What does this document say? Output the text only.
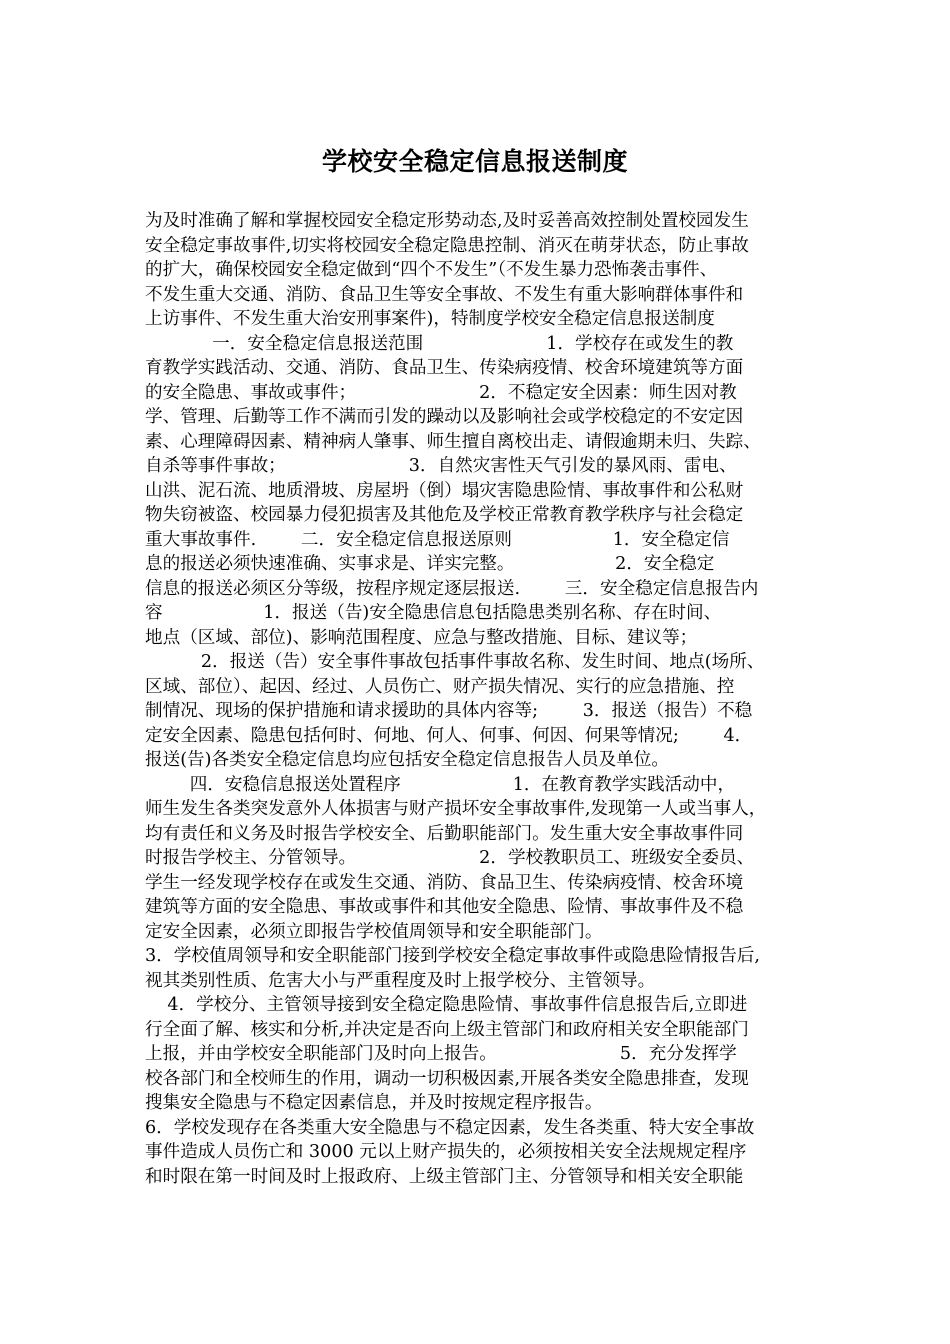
学校安全稳定信息报送制度
为及时准确了解和掌握校园安全稳定形势动态,及时妥善高效控制处置校园发生
安全稳定事故事件,切实将校园安全稳定隐患控制、消灭在萌芽状态，防止事故
的扩大，确保校园安全稳定做到“四个不发生”（不发生暴力恐怖袭击事件、
不发生重大交通、消防、食品卫生等安全事故、不发生有重大影响群体事件和
上访事件、不发生重大治安刑事案件)，特制度学校安全稳定信息报送制度
一．安全稳定信息报送范围                      1．学校存在或发生的教
育教学实践活动、交通、消防、食品卫生、传染病疫情、校舍环境建筑等方面
的安全隐患、事故或事件；                      2．不稳定安全因素：师生因对教
学、管理、后勤等工作不满而引发的躁动以及影响社会或学校稳定的不安定因
素、心理障碍因素、精神病人肇事、师生擅自离校出走、请假逾期未归、失踪、
自杀等事件事故；                      3．自然灾害性天气引发的暴风雨、雷电、
山洪、泥石流、地质滑坡、房屋坍（倒）塌灾害隐患险情、事故事件和公私财
物失窃被盗、校园暴力侵犯损害及其他危及学校正常教育教学秩序与社会稳定
重大事故事件.        二．安全稳定信息报送原则                  1．安全稳定信
息的报送必须快速准确、实事求是、详实完整。                  2．安全稳定
信息的报送必须区分等级，按程序规定逐层报送.        三．安全稳定信息报告内
容                  1．报送（告)安全隐患信息包括隐患类别名称、存在时间、
地点（区域、部位)、影响范围程度、应急与整改措施、目标、建议等；
2．报送（告）安全事件事故包括事件事故名称、发生时间、地点(场所、
区域、部位）、起因、经过、人员伤亡、财产损失情况、实行的应急措施、控
制情况、现场的保护措施和请求援助的具体内容等;        3．报送（报告）不稳
定安全因素、隐患包括何时、何地、何人、何事、何因、何果等情况;        4．
报送(告)各类安全稳定信息均应包括安全稳定信息报告人员及单位。
四．安稳信息报送处置程序                    1．在教育教学实践活动中，
师生发生各类突发意外人体损害与财产损坏安全事故事件,发现第一人或当事人，
均有责任和义务及时报告学校安全、后勤职能部门。发生重大安全事故事件同
时报告学校主、分管领导。                      2．学校教职员工、班级安全委员、
学生一经发现学校存在或发生交通、消防、食品卫生、传染病疫情、校舍环境
建筑等方面的安全隐患、事故或事件和其他安全隐患、险情、事故事件及不稳
定安全因素，必须立即报告学校值周领导和安全职能部门。
3．学校值周领导和安全职能部门接到学校安全稳定事故事件或隐患险情报告后,
视其类别性质、危害大小与严重程度及时上报学校分、主管领导。
4．学校分、主管领导接到安全稳定隐患险情、事故事件信息报告后,立即进
行全面了解、核实和分析,并决定是否向上级主管部门和政府相关安全职能部门
上报，并由学校安全职能部门及时向上报告。                      5．充分发挥学
校各部门和全校师生的作用，调动一切积极因素,开展各类安全隐患排查，发现
搜集安全隐患与不稳定因素信息，并及时按规定程序报告。
6．学校发现存在各类重大安全隐患与不稳定因素，发生各类重、特大安全事故
事件造成人员伤亡和 3000 元以上财产损失的，必须按相关安全法规规定程序
和时限在第一时间及时上报政府、上级主管部门主、分管领导和相关安全职能
